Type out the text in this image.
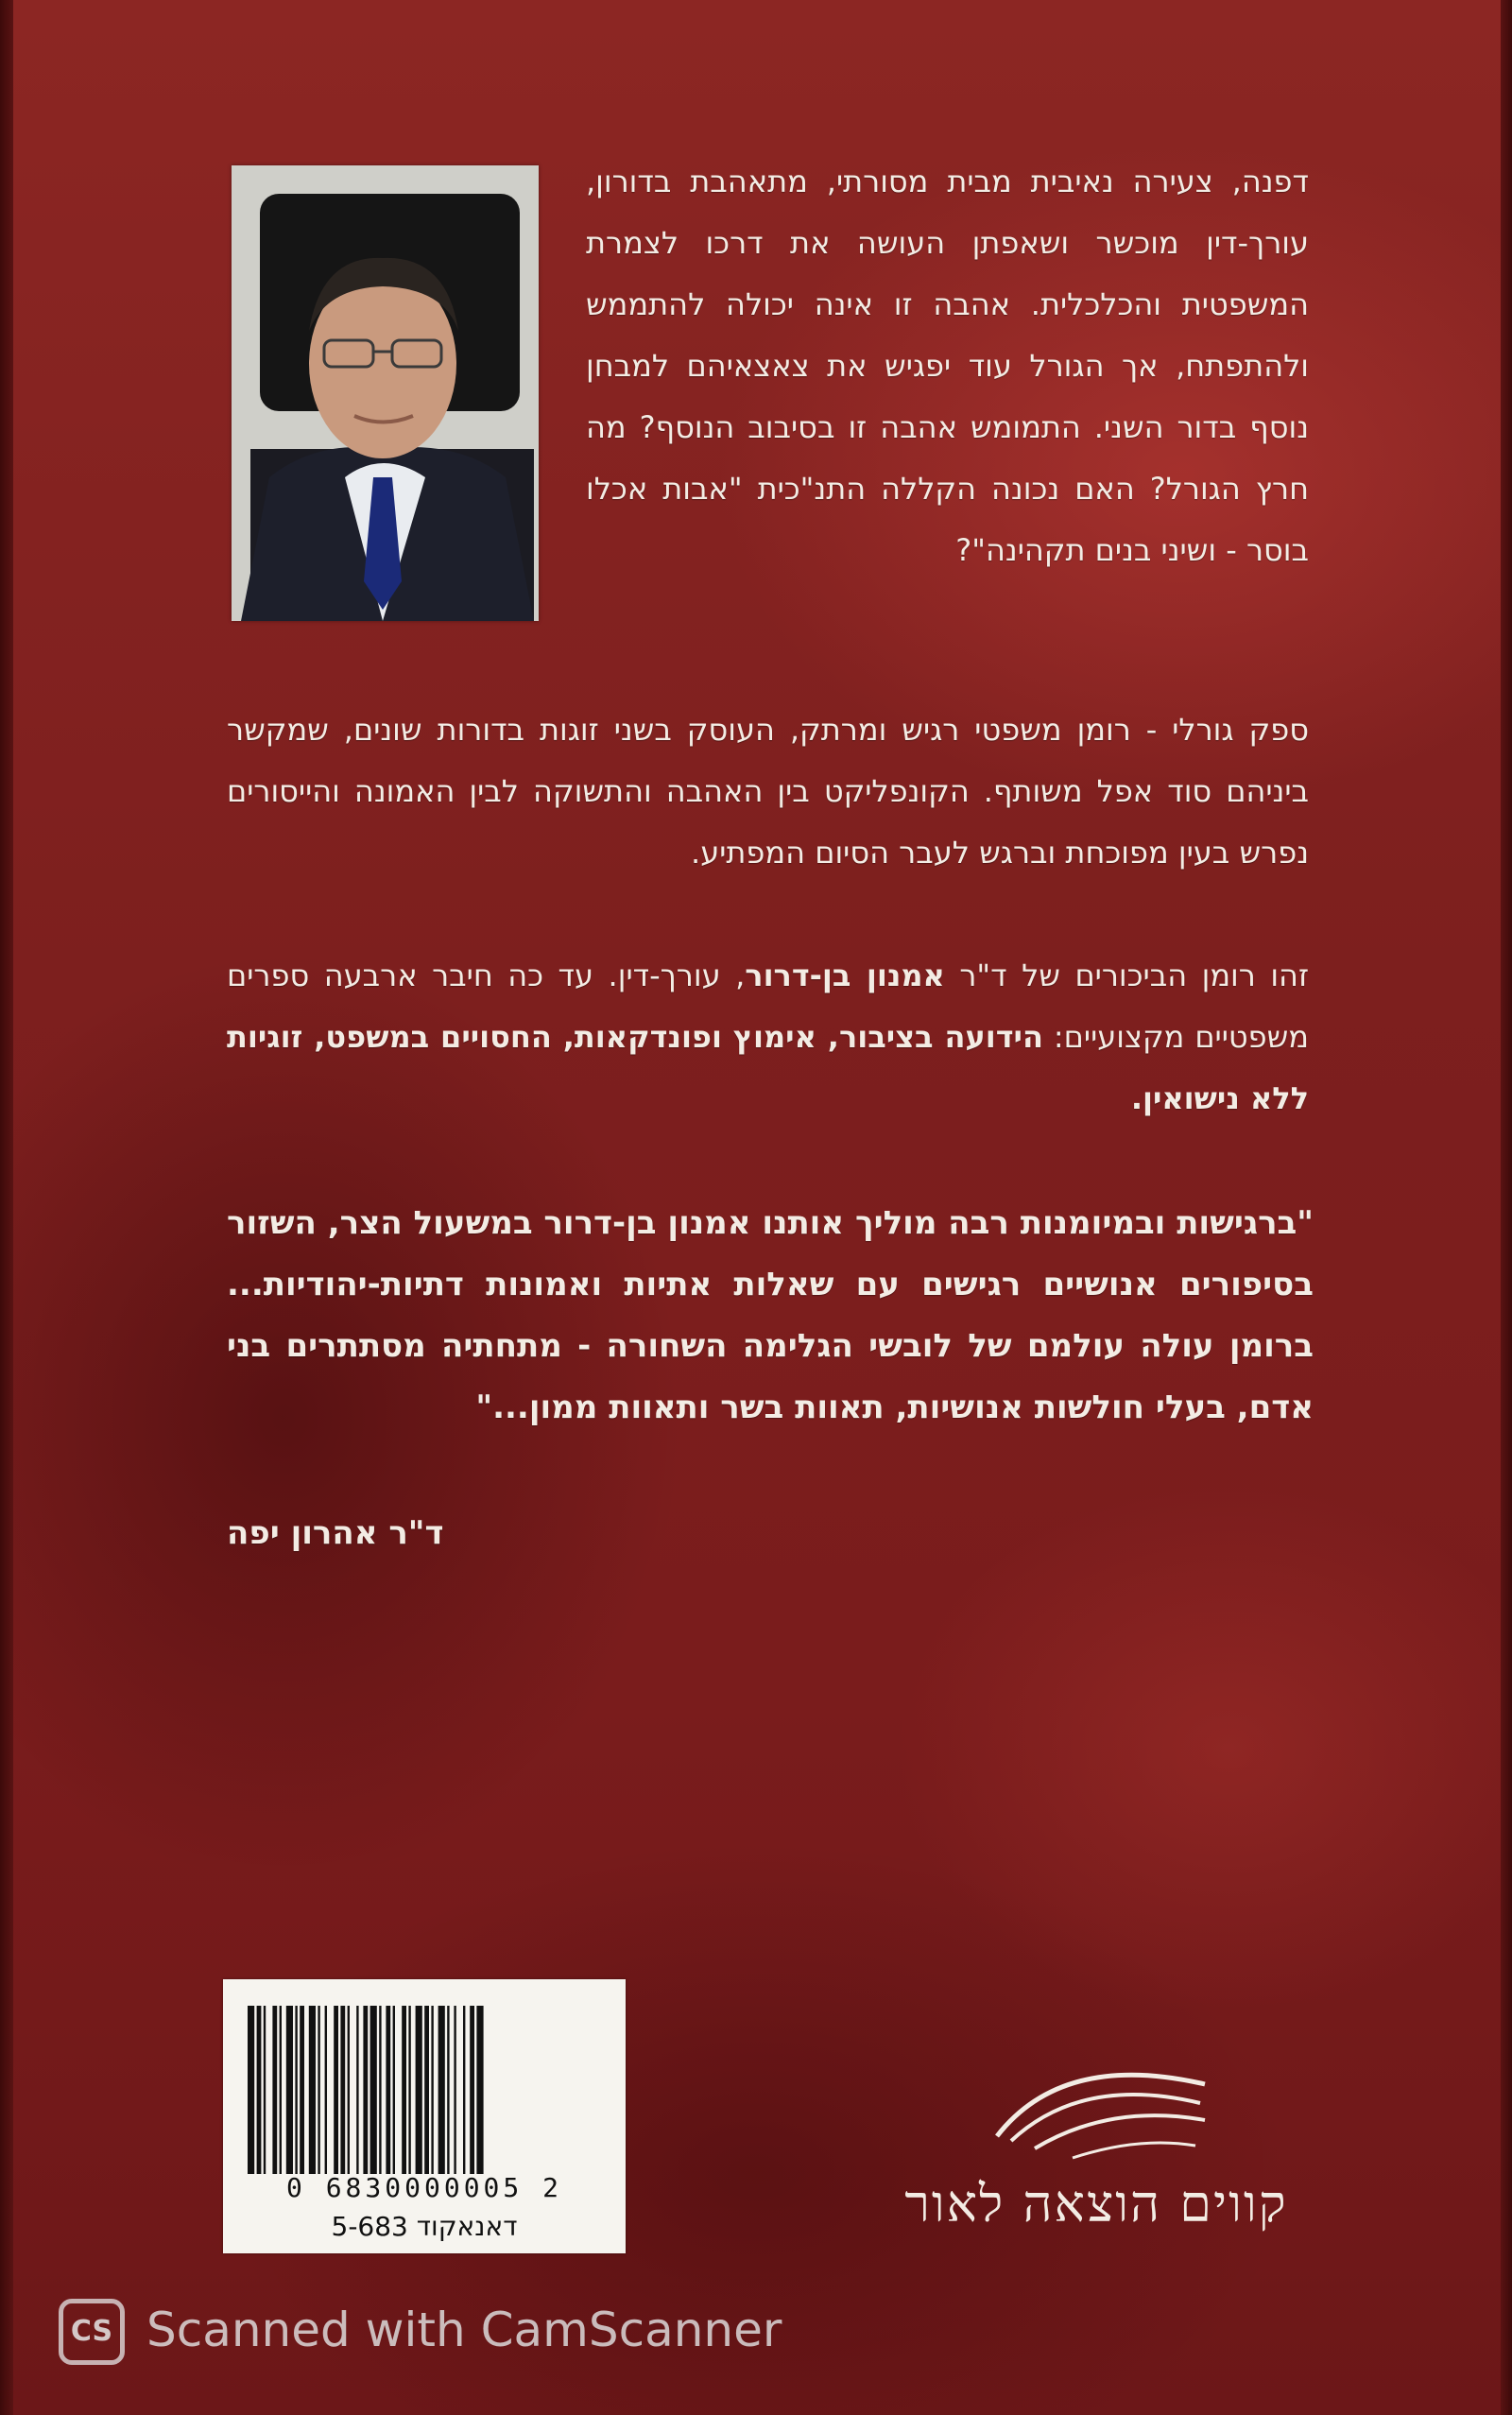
דפנה, צעירה נאיבית מבית מסורתי, מתאהבת בדורון, עורך-דין מוכשר ושאפתן העושה את דרכו לצמרת המשפטית והכלכלית. אהבה זו אינה יכולה להתממש ולהתפתח, אך הגורל עוד יפגיש את צאצאיהם למבחן נוסף בדור השני. התמומש אהבה זו בסיבוב הנוסף? מה חרץ הגורל? האם נכונה הקללה התנ"כית "אבות אכלו בוסר - ושיני בנים תקהינה"?
ספק גורלי - רומן משפטי רגיש ומרתק, העוסק בשני זוגות בדורות שונים, שמקשר ביניהם סוד אפל משותף. הקונפליקט בין האהבה והתשוקה לבין האמונה והייסורים נפרש בעין מפוכחת וברגש לעבר הסיום המפתיע.
זהו רומן הביכורים של ד"ר אמנון בן-דרור, עורך-דין. עד כה חיבר ארבעה ספרים משפטיים מקצועיים: הידועה בציבור, אימוץ ופונדקאות, החסויים במשפט, זוגיות ללא נישואין.
"ברגישות ובמיומנות רבה מוליך אותנו אמנון בן-דרור במשעול הצר, השזור בסיפורים אנושיים רגישים עם שאלות אתיות ואמונות דתיות-יהודיות... ברומן עולה עולמם של לובשי הגלימה השחורה - מתחתיה מסתתרים בני אדם, בעלי חולשות אנושיות, תאוות בשר ותאוות ממון..."
ד"ר אהרון יפה
0 6830000005 2
דאנאקוד 5-683	קווים הוצאה לאור
CS Scanned with CamScanner
